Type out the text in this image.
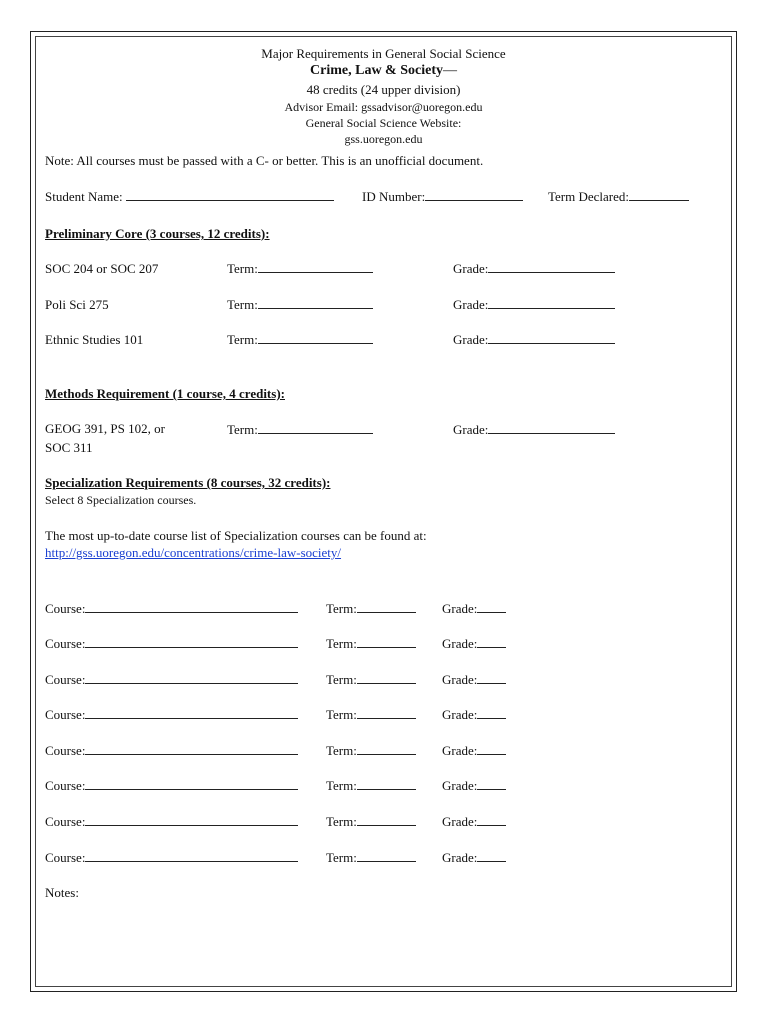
Major Requirements in General Social Science
Crime, Law & Society—
48 credits (24 upper division)
Advisor Email: gssadvisor@uoregon.edu
General Social Science Website:
gss.uoregon.edu
Note: All courses must be passed with a C- or better. This is an unofficial document.
Student Name:	ID Number:	Term Declared:
Preliminary Core (3 courses, 12 credits):
SOC 204 or SOC 207	Term:	Grade:
Poli Sci 275	Term:	Grade:
Ethnic Studies 101	Term:	Grade:
Methods Requirement (1 course, 4 credits):
GEOG 391, PS 102, or
SOC 311
Term:	Grade:
Specialization Requirements (8 courses, 32 credits):
Select 8 Specialization courses.
The most up-to-date course list of Specialization courses can be found at:
http://gss.uoregon.edu/concentrations/crime-law-society/
Course:	Term:	Grade:
Course:	Term:	Grade:
Course:	Term:	Grade:
Course:	Term:	Grade:
Course:	Term:	Grade:
Course:	Term:	Grade:
Course:	Term:	Grade:
Course:	Term:	Grade:
Notes:
